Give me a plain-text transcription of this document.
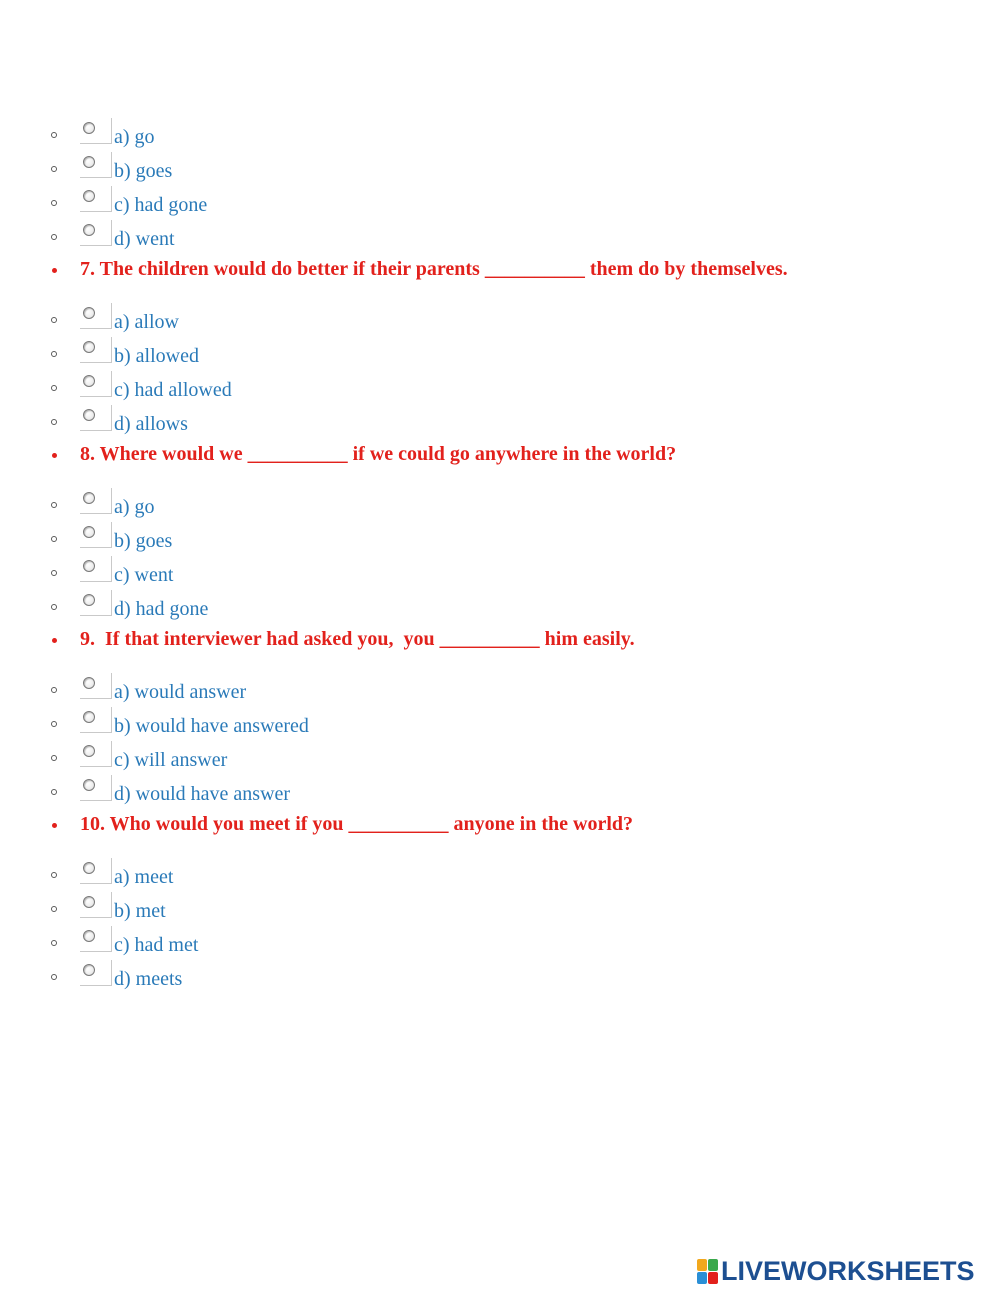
a) go
b) goes
c) had gone
d) went
7. The children would do better if their parents __________ them do by themselves.
a) allow
b) allowed
c) had allowed
d) allows
8. Where would we __________ if we could go anywhere in the world?
a) go
b) goes
c) went
d) had gone
9.  If that interviewer had asked you,  you __________ him easily.
a) would answer
b) would have answered
c) will answer
d) would have answer
10. Who would you meet if you __________ anyone in the world?
a) meet
b) met
c) had met
d) meets
LIVEWORKSHEETS
